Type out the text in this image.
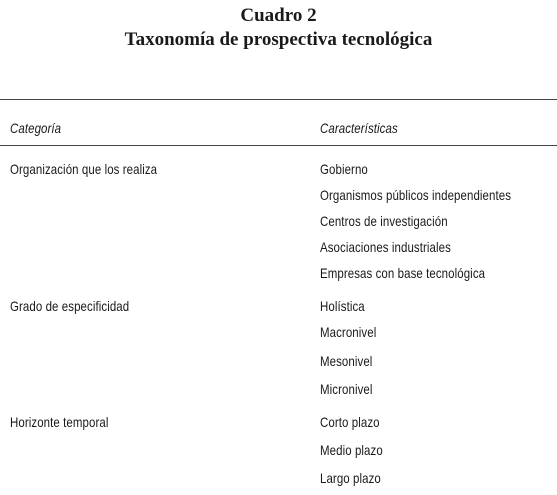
Cuadro 2
Taxonomía de prospectiva tecnológica
Categoría	Características
Organización que los realiza	Gobierno
Organismos públicos independientes
Centros de investigación
Asociaciones industriales
Empresas con base tecnológica
Grado de especificidad	Holística
Macronivel
Mesonivel
Micronivel
Horizonte temporal	Corto plazo
Medio plazo
Largo plazo
